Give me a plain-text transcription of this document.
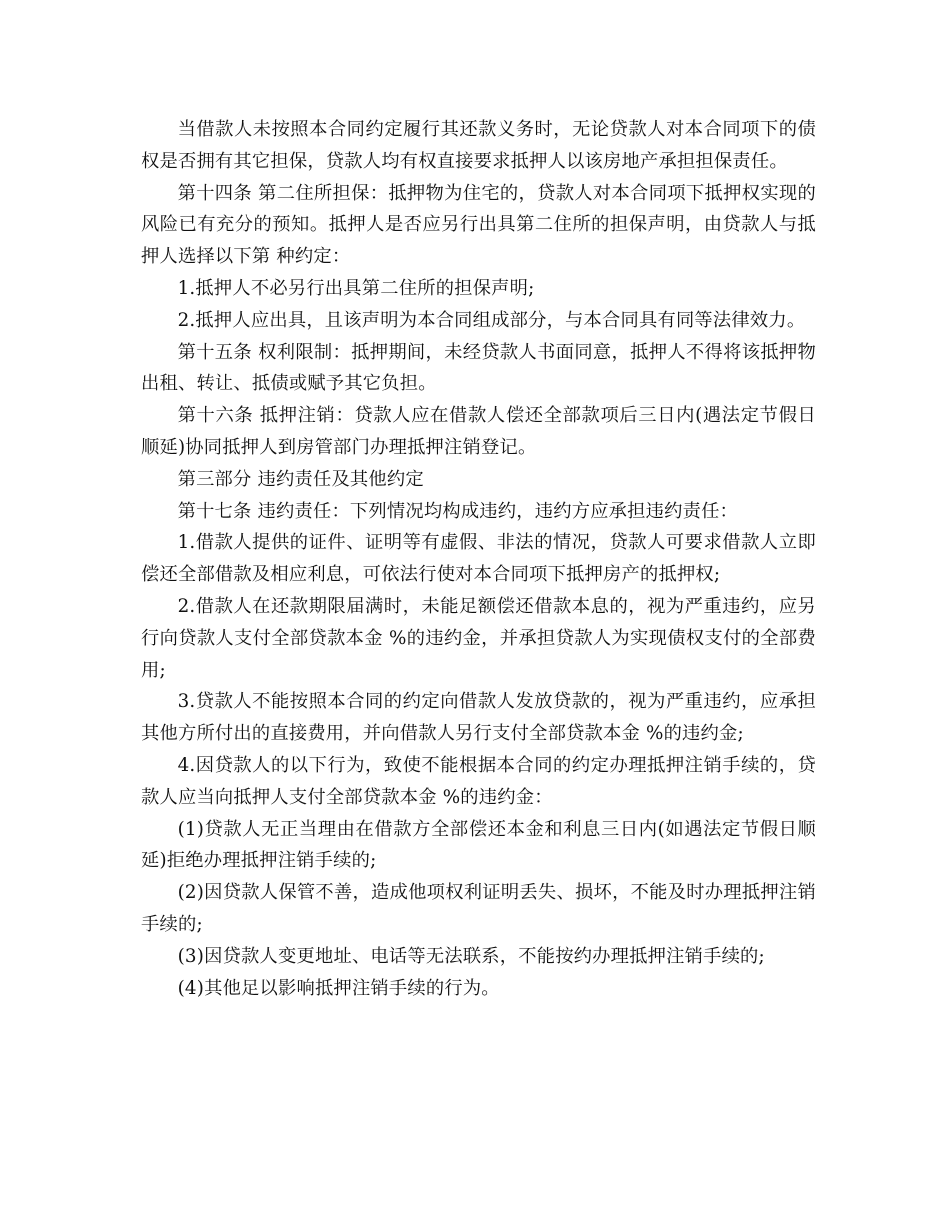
当借款人未按照本合同约定履行其还款义务时，无论贷款人对本合同项下的债权是否拥有其它担保，贷款人均有权直接要求抵押人以该房地产承担担保责任。

第十四条 第二住所担保：抵押物为住宅的，贷款人对本合同项下抵押权实现的风险已有充分的预知。抵押人是否应另行出具第二住所的担保声明，由贷款人与抵押人选择以下第 种约定：

1.抵押人不必另行出具第二住所的担保声明;

2.抵押人应出具，且该声明为本合同组成部分，与本合同具有同等法律效力。

第十五条 权利限制：抵押期间，未经贷款人书面同意，抵押人不得将该抵押物出租、转让、抵债或赋予其它负担。

第十六条 抵押注销：贷款人应在借款人偿还全部款项后三日内(遇法定节假日顺延)协同抵押人到房管部门办理抵押注销登记。

第三部分 违约责任及其他约定

第十七条 违约责任：下列情况均构成违约，违约方应承担违约责任：

1.借款人提供的证件、证明等有虚假、非法的情况，贷款人可要求借款人立即偿还全部借款及相应利息，可依法行使对本合同项下抵押房产的抵押权;

2.借款人在还款期限届满时，未能足额偿还借款本息的，视为严重违约，应另行向贷款人支付全部贷款本金 %的违约金，并承担贷款人为实现债权支付的全部费用;

3.贷款人不能按照本合同的约定向借款人发放贷款的，视为严重违约，应承担其他方所付出的直接费用，并向借款人另行支付全部贷款本金 %的违约金;

4.因贷款人的以下行为，致使不能根据本合同的约定办理抵押注销手续的，贷款人应当向抵押人支付全部贷款本金 %的违约金：

(1)贷款人无正当理由在借款方全部偿还本金和利息三日内(如遇法定节假日顺延)拒绝办理抵押注销手续的;

(2)因贷款人保管不善，造成他项权利证明丢失、损坏，不能及时办理抵押注销手续的;

(3)因贷款人变更地址、电话等无法联系，不能按约办理抵押注销手续的;

(4)其他足以影响抵押注销手续的行为。
